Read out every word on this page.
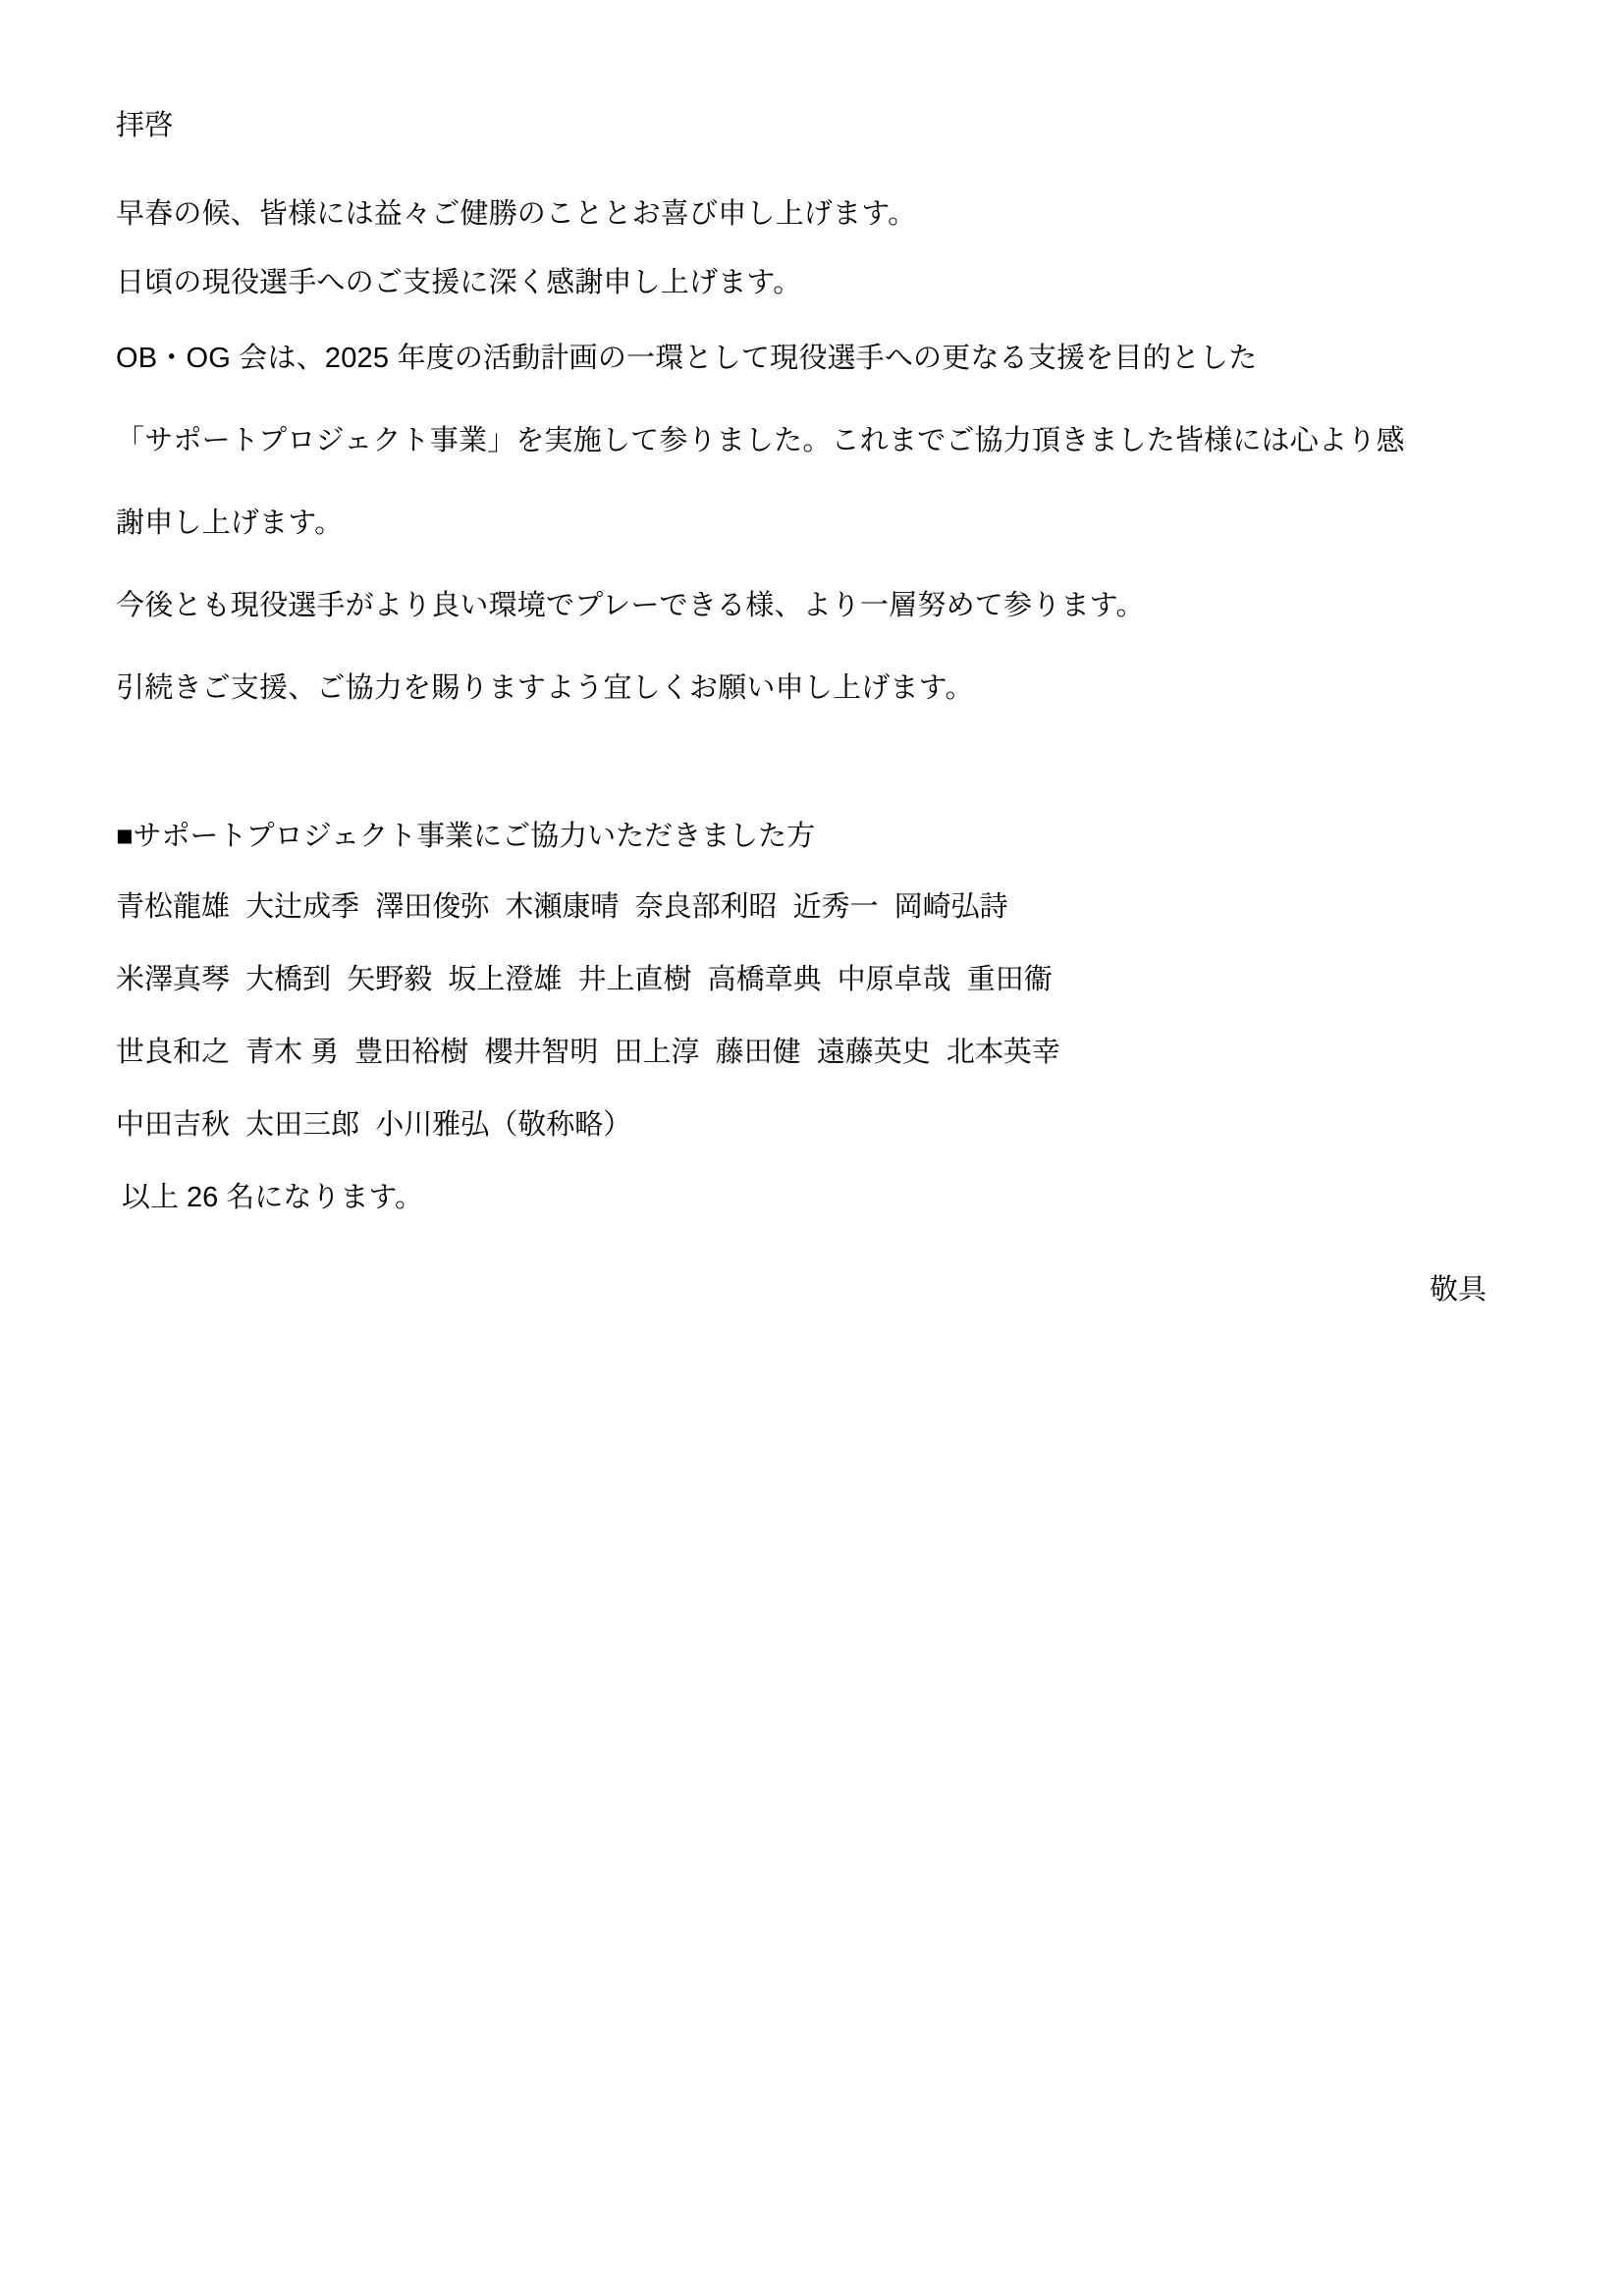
拝啓

早春の候、皆様には益々ご健勝のこととお喜び申し上げます。

日頃の現役選手へのご支援に深く感謝申し上げます。

OB・OG 会は、2025 年度の活動計画の一環として現役選手への更なる支援を目的とした

「サポートプロジェクト事業」を実施して参りました。これまでご協力頂きました皆様には心より感

謝申し上げます。

今後とも現役選手がより良い環境でプレーできる様、より一層努めて参ります。

引続きご支援、ご協力を賜りますよう宜しくお願い申し上げます。

■サポートプロジェクト事業にご協力いただきました方

青松龍雄  大辻成季  澤田俊弥  木瀬康晴  奈良部利昭  近秀一  岡崎弘詩

米澤真琴  大橋到  矢野毅  坂上澄雄  井上直樹  高橋章典  中原卓哉  重田衞

世良和之  青木 勇  豊田裕樹  櫻井智明  田上淳  藤田健  遠藤英史  北本英幸

中田吉秋  太田三郎  小川雅弘（敬称略）

以上 26 名になります。

敬具
